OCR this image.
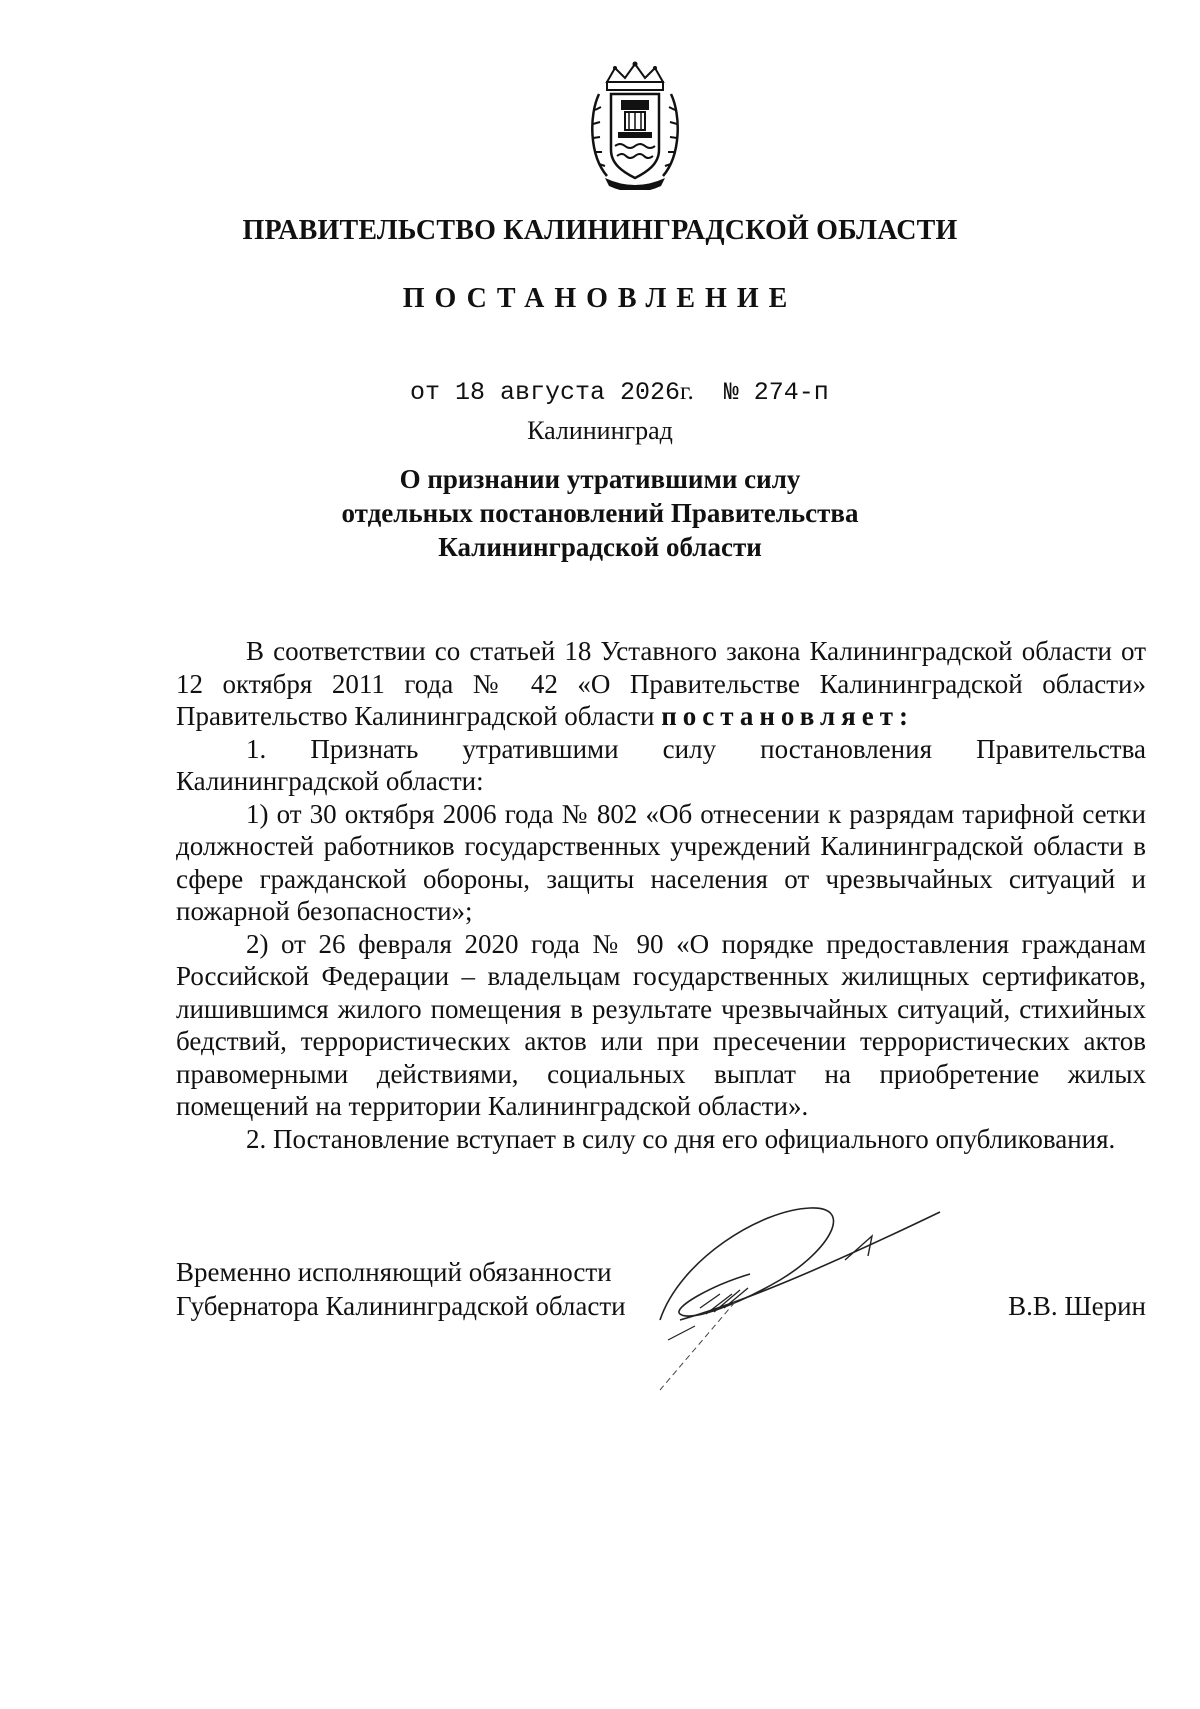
ПРАВИТЕЛЬСТВО КАЛИНИНГРАДСКОЙ ОБЛАСТИ
ПОСТАНОВЛЕНИЕ
от 18 августа 2026г. № 274-п
Калининград
О признании утратившими силу
отдельных постановлений Правительства
Калининградской области

В соответствии со статьей 18 Уставного закона Калининградской области от 12 октября 2011 года № 42 «О Правительстве Калининградской области» Правительство Калининградской области постановляет:

1. Признать утратившими силу постановления Правительства Калининградской области:

1) от 30 октября 2006 года № 802 «Об отнесении к разрядам тарифной сетки должностей работников государственных учреждений Калининградской области в сфере гражданской обороны, защиты населения от чрезвычайных ситуаций и пожарной безопасности»;

2) от 26 февраля 2020 года № 90 «О порядке предоставления гражданам Российской Федерации – владельцам государственных жилищных сертификатов, лишившимся жилого помещения в результате чрезвычайных ситуаций, стихийных бедствий, террористических актов или при пресечении террористических актов правомерными действиями, социальных выплат на приобретение жилых помещений на территории Калининградской области».

2. Постановление вступает в силу со дня его официального опубликования.

Временно исполняющий обязанности
Губернатора Калининградской области	В.В. Шерин
